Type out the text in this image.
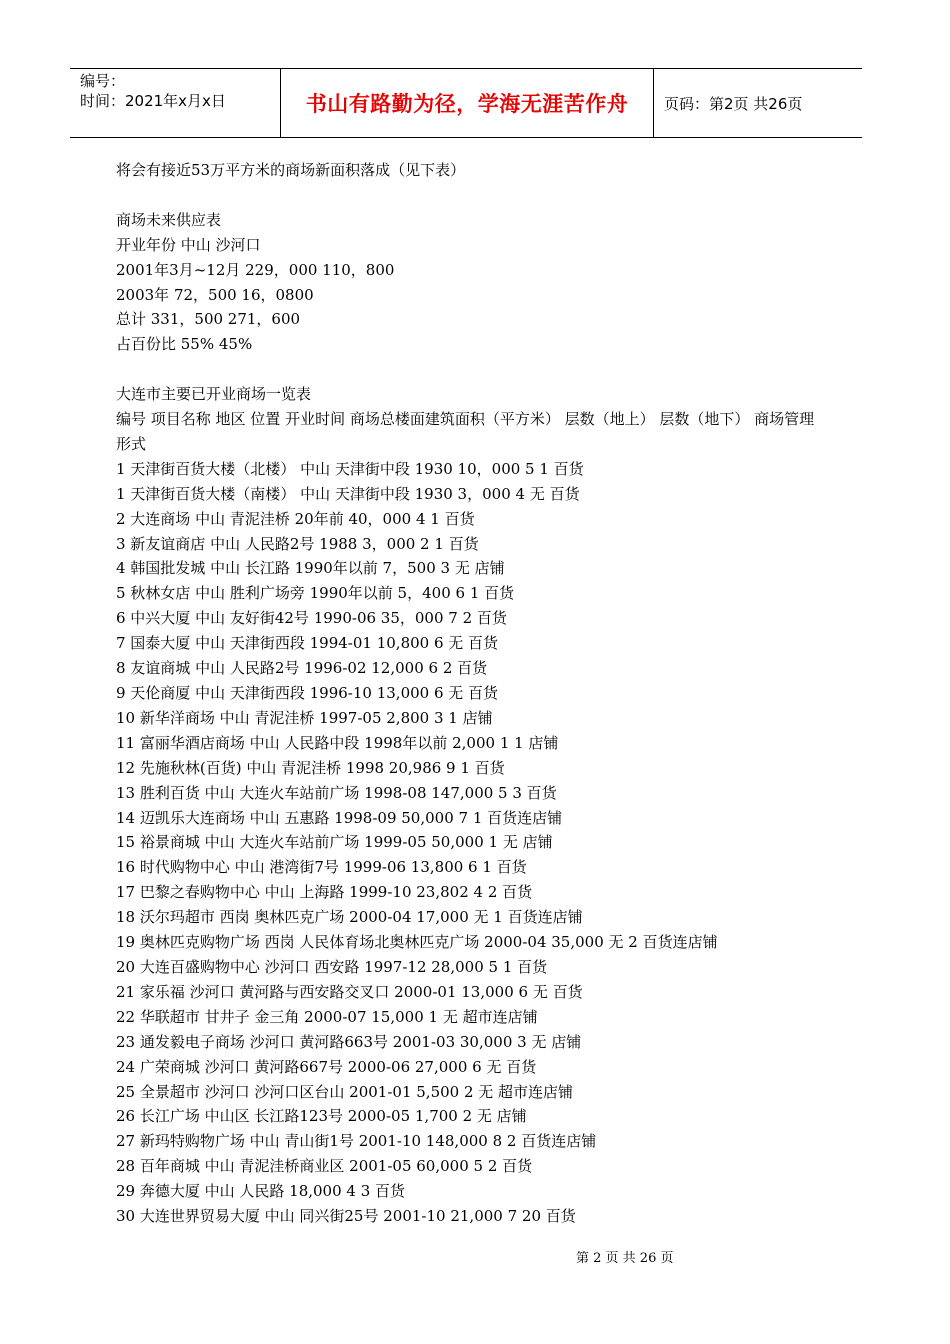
编号：
时间：2021年x月x日	书山有路勤为径，学海无涯苦作舟	页码：第2页 共26页
将会有接近53万平方米的商场新面积落成（见下表）
商场未来供应表
开业年份 中山 沙河口
2001年3月~12月 229，000 110，800
2003年 72，500 16，0800
总计 331，500 271，600
占百份比 55% 45%
大连市主要已开业商场一览表
编号 项目名称 地区 位置 开业时间 商场总楼面建筑面积（平方米） 层数（地上） 层数（地下） 商场管理形式
1 天津街百货大楼（北楼） 中山 天津街中段 1930 10，000 5 1 百货
1 天津街百货大楼（南楼） 中山 天津街中段 1930 3，000 4 无 百货
2 大连商场 中山 青泥洼桥 20年前 40，000 4 1 百货
3 新友谊商店 中山 人民路2号 1988 3，000 2 1 百货
4 韩国批发城 中山 长江路 1990年以前 7，500 3 无 店铺
5 秋林女店 中山 胜利广场旁 1990年以前 5，400 6 1 百货
6 中兴大厦 中山 友好街42号 1990-06 35，000 7 2 百货
7 国泰大厦 中山 天津街西段 1994-01 10,800 6 无 百货
8 友谊商城 中山 人民路2号 1996-02 12,000 6 2 百货
9 天伦商厦 中山 天津街西段 1996-10 13,000 6 无 百货
10 新华洋商场 中山 青泥洼桥 1997-05 2,800 3 1 店铺
11 富丽华酒店商场 中山 人民路中段 1998年以前 2,000 1 1 店铺
12 先施秋林(百货) 中山 青泥洼桥 1998 20,986 9 1 百货
13 胜利百货 中山 大连火车站前广场 1998-08 147,000 5 3 百货
14 迈凯乐大连商场 中山 五惠路 1998-09 50,000 7 1 百货连店铺
15 裕景商城 中山 大连火车站前广场 1999-05 50,000 1 无 店铺
16 时代购物中心 中山 港湾街7号 1999-06 13,800 6 1 百货
17 巴黎之春购物中心 中山 上海路 1999-10 23,802 4 2 百货
18 沃尔玛超市 西岗 奥林匹克广场 2000-04 17,000 无 1 百货连店铺
19 奥林匹克购物广场 西岗 人民体育场北奥林匹克广场 2000-04 35,000 无 2 百货连店铺
20 大连百盛购物中心 沙河口 西安路 1997-12 28,000 5 1 百货
21 家乐福 沙河口 黄河路与西安路交叉口 2000-01 13,000 6 无 百货
22 华联超市 甘井子 金三角 2000-07 15,000 1 无 超市连店铺
23 通发毅电子商场 沙河口 黄河路663号 2001-03 30,000 3 无 店铺
24 广荣商城 沙河口 黄河路667号 2000-06 27,000 6 无 百货
25 全景超市 沙河口 沙河口区台山 2001-01 5,500 2 无 超市连店铺
26 长江广场 中山区 长江路123号 2000-05 1,700 2 无 店铺
27 新玛特购物广场 中山 青山街1号 2001-10 148,000 8 2 百货连店铺
28 百年商城 中山 青泥洼桥商业区 2001-05 60,000 5 2 百货
29 奔德大厦 中山 人民路 18,000 4 3 百货
30 大连世界贸易大厦 中山 同兴街25号 2001-10 21,000 7 20 百货
第 2 页 共 26 页
